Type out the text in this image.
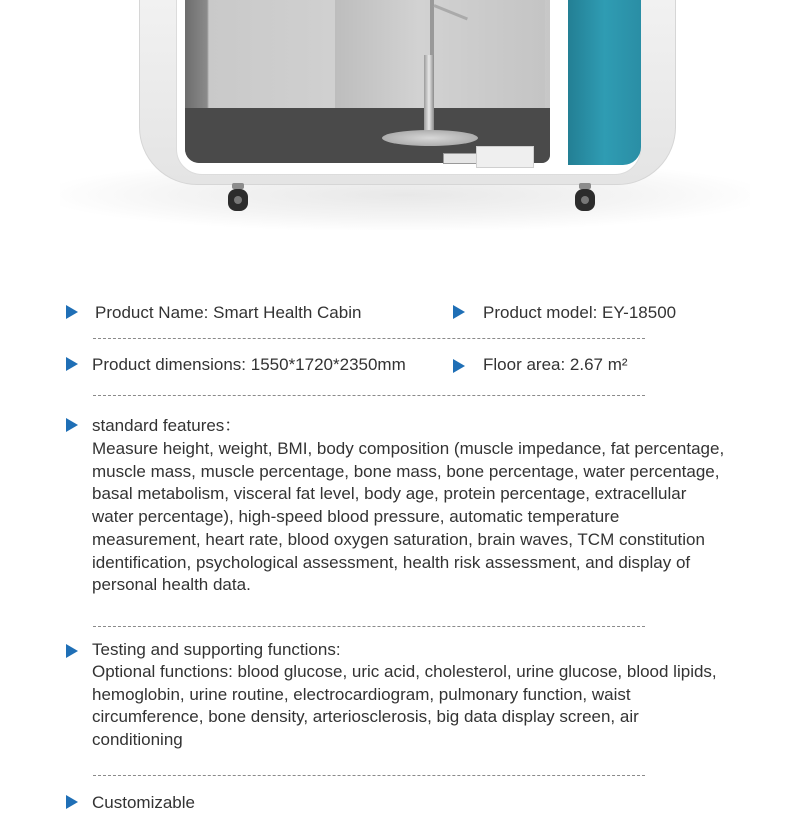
Product Name: Smart Health Cabin	Product model: EY-18500
Product dimensions: 1550*1720*2350mm	Floor area: 2.67 m²
standard features：
Measure height, weight, BMI, body composition (muscle impedance, fat percentage, muscle mass, muscle percentage, bone mass, bone percentage, water percentage, basal metabolism, visceral fat level, body age, protein percentage, extracellular water percentage), high-speed blood pressure, automatic temperature measurement, heart rate, blood oxygen saturation, brain waves, TCM constitution identification, psychological assessment, health risk assessment, and display of personal health data.
Testing and supporting functions:
Optional functions: blood glucose, uric acid, cholesterol, urine glucose, blood lipids, hemoglobin, urine routine, electrocardiogram, pulmonary function, waist circumference, bone density, arteriosclerosis, big data display screen, air conditioning
Customizable
